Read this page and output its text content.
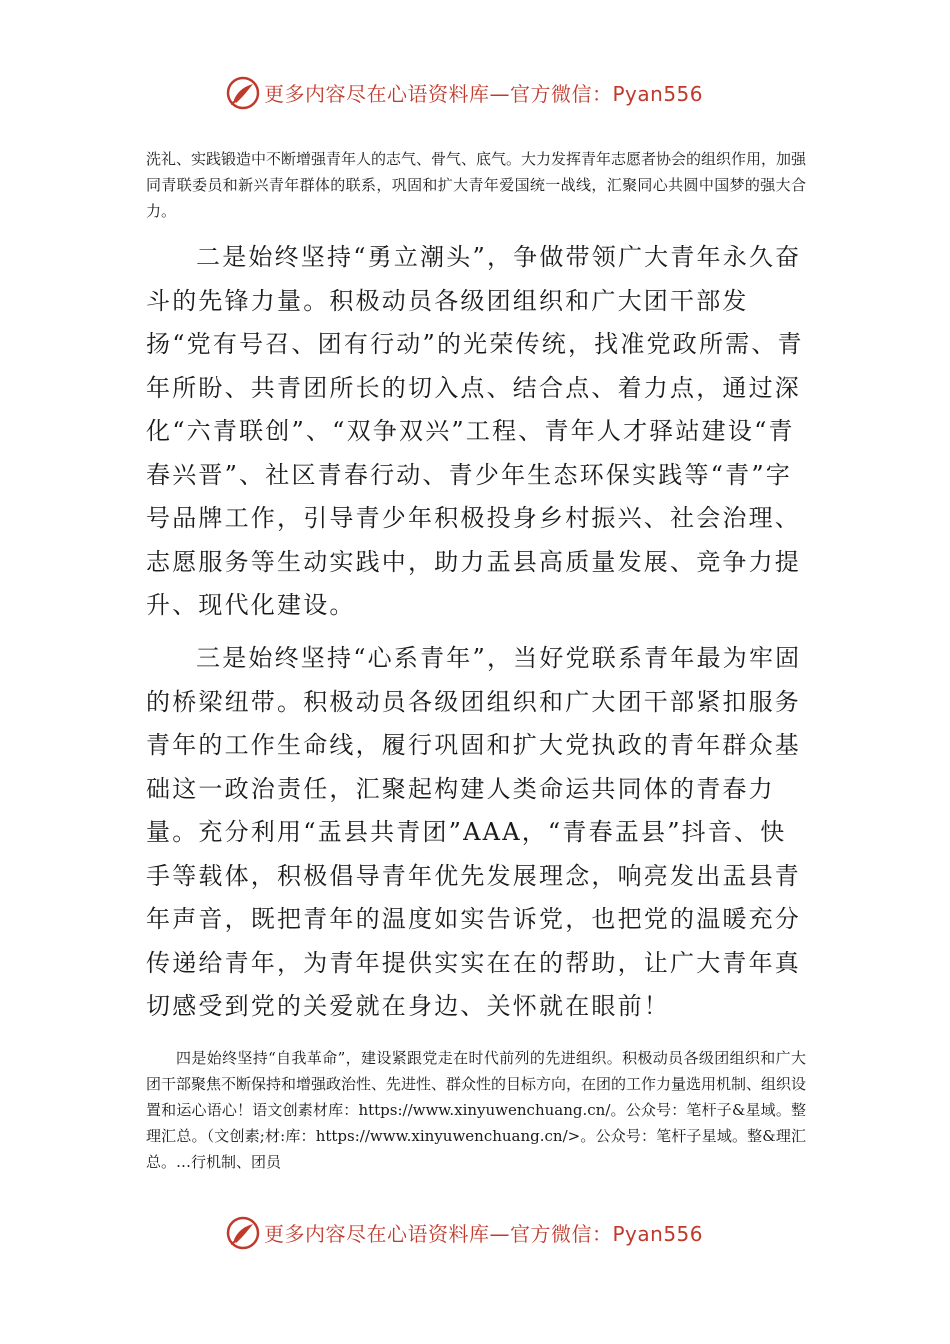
更多内容尽在心语资料库—官方微信：Pyan556

洗礼、实践锻造中不断增强青年人的志气、骨气、底气。大力发挥青年志愿者协会的组织作用，加强同青联委员和新兴青年群体的联系，巩固和扩大青年爱国统一战线，汇聚同心共圆中国梦的强大合力。

二是始终坚持“勇立潮头”，争做带领广大青年永久奋斗的先锋力量。积极动员各级团组织和广大团干部发扬“党有号召、团有行动”的光荣传统，找准党政所需、青年所盼、共青团所长的切入点、结合点、着力点，通过深化“六青联创”、“双争双兴”工程、青年人才驿站建设“青春兴晋”、社区青春行动、青少年生态环保实践等“青”字号品牌工作，引导青少年积极投身乡村振兴、社会治理、志愿服务等生动实践中，助力盂县高质量发展、竞争力提升、现代化建设。

三是始终坚持“心系青年”，当好党联系青年最为牢固的桥梁纽带。积极动员各级团组织和广大团干部紧扣服务青年的工作生命线，履行巩固和扩大党执政的青年群众基础这一政治责任，汇聚起构建人类命运共同体的青春力量。充分利用“盂县共青团”AAA，“青春盂县”抖音、快手等载体，积极倡导青年优先发展理念，响亮发出盂县青年声音，既把青年的温度如实告诉党，也把党的温暖充分传递给青年，为青年提供实实在在的帮助，让广大青年真切感受到党的关爱就在身边、关怀就在眼前！

四是始终坚持“自我革命”，建设紧跟党走在时代前列的先进组织。积极动员各级团组织和广大团干部聚焦不断保持和增强政治性、先进性、群众性的目标方向，在团的工作力量选用机制、组织设置和运心语心！语文创素材库：https://www.xinyuwenchuang.cn/。公众号：笔杆子&星域。整理汇总。（文创素;材:库：https://www.xinyuwenchuang.cn/>。公众号：笔杆子星域。整&理汇总。…行机制、团员

更多内容尽在心语资料库—官方微信：Pyan556
